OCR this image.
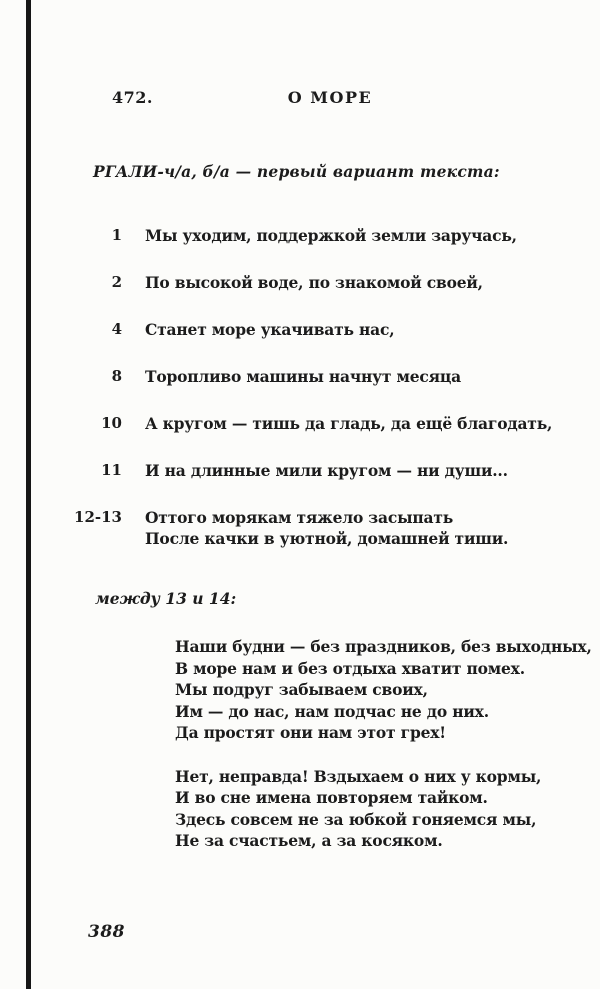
472.	О МОРЕ
РГАЛИ-ч/а, б/а — первый вариант текста:
1 Мы уходим, поддержкой земли заручась,
2 По высокой воде, по знакомой своей,
4 Станет море укачивать нас,
8 Торопливо машины начнут месяца
10 А кругом — тишь да гладь, да ещё благодать,
11 И на длинные мили кругом — ни души...
12-13 Оттого морякам тяжело засыпать
После качки в уютной, домашней тиши.
между 13 и 14:
Наши будни — без праздников, без выходных,
В море нам и без отдыха хватит помех.
Мы подруг забываем своих,
Им — до нас, нам подчас не до них.
Да простят они нам этот грех!
Нет, неправда! Вздыхаем о них у кормы,
И во сне имена повторяем тайком.
Здесь совсем не за юбкой гоняемся мы,
Не за счастьем, а за косяком.
388
